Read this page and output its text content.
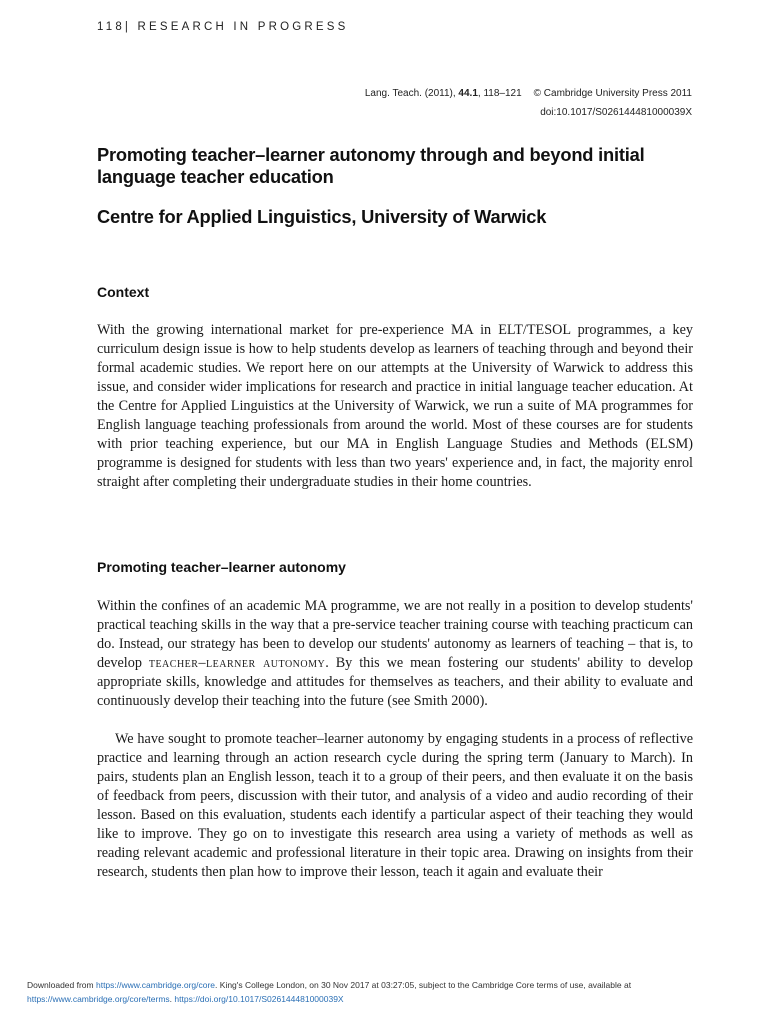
118| RESEARCH IN PROGRESS
Lang. Teach. (2011), 44.1, 118–121 © Cambridge University Press 2011
doi:10.1017/S026144481000039X
Promoting teacher–learner autonomy through and beyond initial language teacher education
Centre for Applied Linguistics, University of Warwick
Context

With the growing international market for pre-experience MA in ELT/TESOL programmes, a key curriculum design issue is how to help students develop as learners of teaching through and beyond their formal academic studies. We report here on our attempts at the University of Warwick to address this issue, and consider wider implications for research and practice in initial language teacher education. At the Centre for Applied Linguistics at the University of Warwick, we run a suite of MA programmes for English language teaching professionals from around the world. Most of these courses are for students with prior teaching experience, but our MA in English Language Studies and Methods (ELSM) programme is designed for students with less than two years' experience and, in fact, the majority enrol straight after completing their undergraduate studies in their home countries.

Promoting teacher–learner autonomy

Within the confines of an academic MA programme, we are not really in a position to develop students' practical teaching skills in the way that a pre-service teacher training course with teaching practicum can do. Instead, our strategy has been to develop our students' autonomy as learners of teaching – that is, to develop teacher–learner autonomy. By this we mean fostering our students' ability to develop appropriate skills, knowledge and attitudes for themselves as teachers, and their ability to evaluate and continuously develop their teaching into the future (see Smith 2000).

We have sought to promote teacher–learner autonomy by engaging students in a process of reflective practice and learning through an action research cycle during the spring term (January to March). In pairs, students plan an English lesson, teach it to a group of their peers, and then evaluate it on the basis of feedback from peers, discussion with their tutor, and analysis of a video and audio recording of their lesson. Based on this evaluation, students each identify a particular aspect of their teaching they would like to improve. They go on to investigate this research area using a variety of methods as well as reading relevant academic and professional literature in their topic area. Drawing on insights from their research, students then plan how to improve their lesson, teach it again and evaluate their

Downloaded from https://www.cambridge.org/core. King's College London, on 30 Nov 2017 at 03:27:05, subject to the Cambridge Core terms of use, available at
https://www.cambridge.org/core/terms. https://doi.org/10.1017/S026144481000039X
